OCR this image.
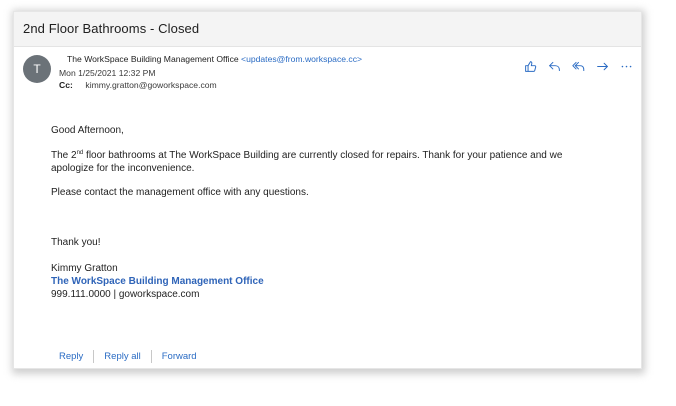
2nd Floor Bathrooms - Closed
T
The WorkSpace Building Management Office <updates@from.workspace.cc>
Mon 1/25/2021 12:32 PM
Cc: kimmy.gratton@goworkspace.com

Good Afternoon,

The 2nd floor bathrooms at The WorkSpace Building are currently closed for repairs. Thank for your patience and we apologize for the inconvenience.

Please contact the management office with any questions.

Thank you!

Kimmy Gratton
The WorkSpace Building Management Office
999.111.0000 | goworkspace.com
Reply	Reply all	Forward
